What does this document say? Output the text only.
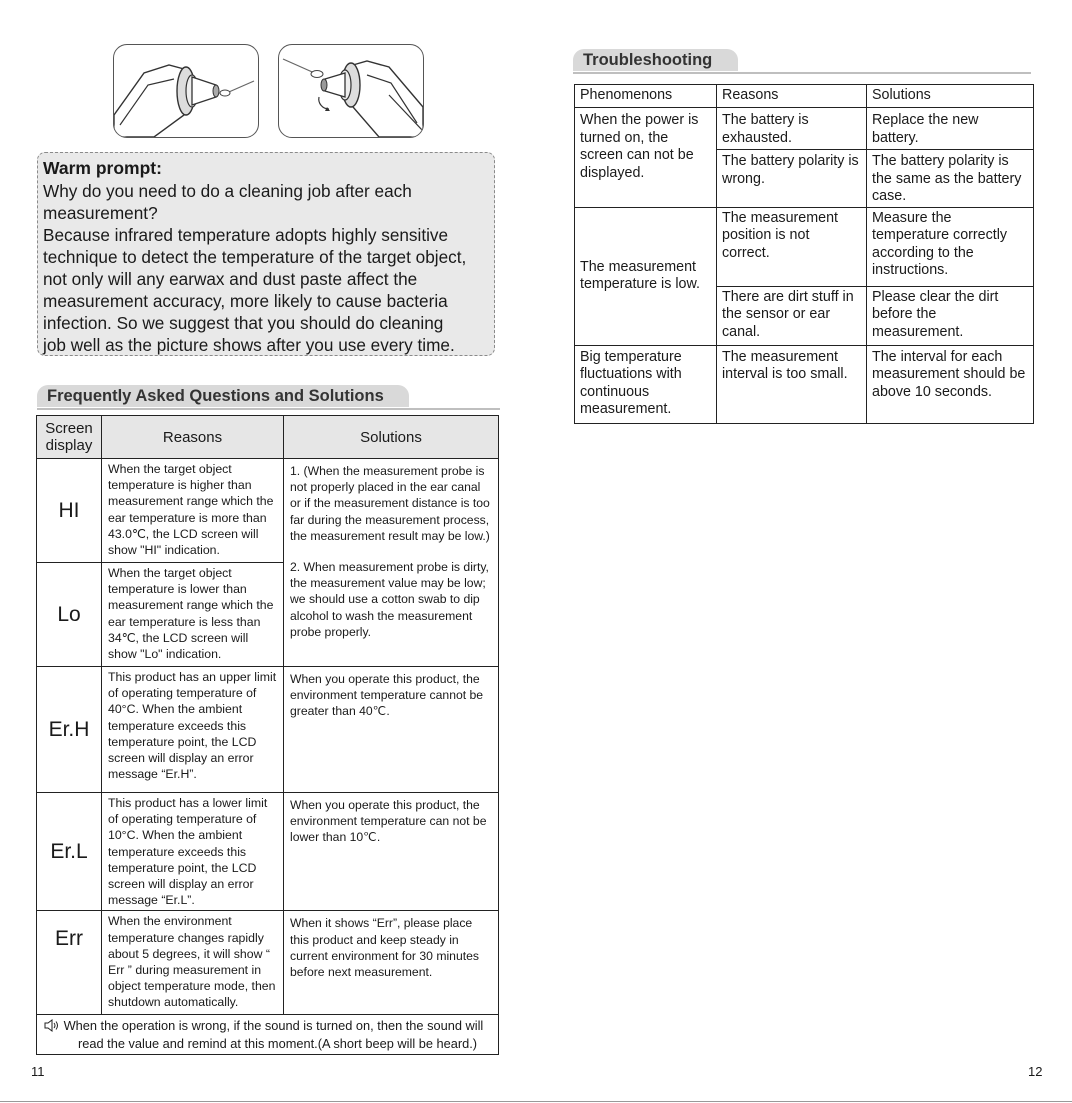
Warm prompt:

Why do you need to do a cleaning job after each

measurement?

Because infrared temperature adopts highly sensitive

technique to detect the temperature of the target object,

not only will any earwax and dust paste affect the

measurement accuracy, more likely to cause bacteria

infection. So we suggest that you should do cleaning

job well as the picture shows after you use every time.

Frequently Asked Questions and Solutions
Screen
display	Reasons	Solutions
HI	When the target object temperature is higher than measurement range which the ear temperature is more than 43.0℃, the LCD screen will show "HI" indication.	1. (When the measurement probe is not properly placed in the ear canal or if the measurement distance is too far during the measurement process, the measurement result may be low.)

2. When measurement probe is dirty, the measurement value may be low; we should use a cotton swab to dip alcohol to wash the measurement probe properly.

Lo	When the target object temperature is lower than measurement range which the ear temperature is less than 34℃, the LCD screen will show "Lo" indication.	
Er.H	This product has an upper limit of operating temperature of 40°C. When the ambient temperature exceeds this temperature point, the LCD screen will display an error message “Er.H”.	When you operate this product, the environment temperature cannot be greater than 40℃.
Er.L	This product has a lower limit of operating temperature of 10°C. When the ambient temperature exceeds this temperature point, the LCD screen will display an error message “Er.L”.	When you operate this product, the environment temperature can not be lower than 10℃.
Err	When the environment temperature changes rapidly about 5 degrees, it will show “ Err ” during measurement in object temperature mode, then shutdown automatically.	When it shows “Err”, please place this product and keep steady in current environment for 30 minutes before next measurement.

When the operation is wrong, if the sound is turned on, then the sound will
read the value and remind at this moment.(A short beep will be heard.)		
Troubleshooting
Phenomenons	Reasons	Solutions
When the power is turned on, the screen can not be displayed.	The battery is exhausted.	Replace the new battery.
	The battery polarity is wrong.	The battery polarity is the same as the battery case.
The measurement temperature is low.	The measurement position is not correct.	Measure the temperature correctly according to the instructions.
	There are dirt stuff in the sensor or ear canal.	Please clear the dirt before the measurement.
Big temperature fluctuations with continuous measurement.	The measurement interval is too small.	The interval for each measurement should be above 10 seconds.
11	12
